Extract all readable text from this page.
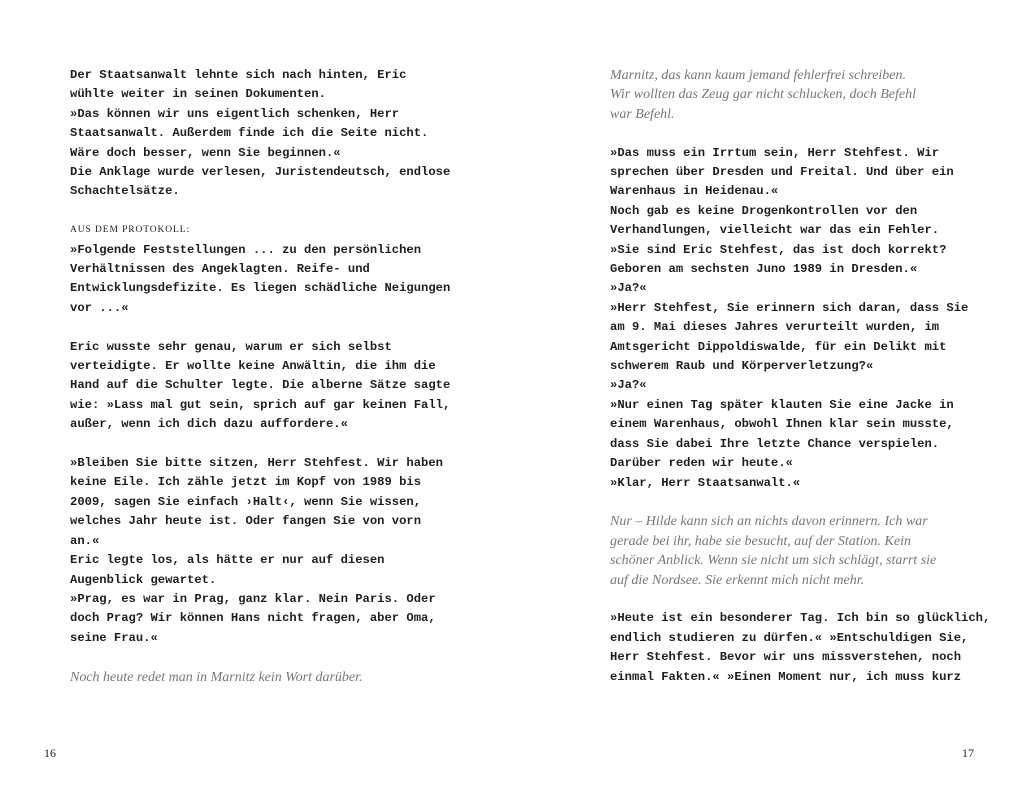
Der Staatsanwalt lehnte sich nach hinten, Eric
wühlte weiter in seinen Dokumenten.
»Das können wir uns eigentlich schenken, Herr
Staatsanwalt. Außerdem finde ich die Seite nicht.
Wäre doch besser, wenn Sie beginnen.«
Die Anklage wurde verlesen, Juristendeutsch, endlose
Schachtelsätze.
AUS DEM PROTOKOLL:
»Folgende Feststellungen ... zu den persönlichen
Verhältnissen des Angeklagten. Reife- und
Entwicklungsdefizite. Es liegen schädliche Neigungen
vor ...«
Eric wusste sehr genau, warum er sich selbst
verteidigte. Er wollte keine Anwältin, die ihm die
Hand auf die Schulter legte. Die alberne Sätze sagte
wie: »Lass mal gut sein, sprich auf gar keinen Fall,
außer, wenn ich dich dazu auffordere.«
»Bleiben Sie bitte sitzen, Herr Stehfest. Wir haben
keine Eile. Ich zähle jetzt im Kopf von 1989 bis
2009, sagen Sie einfach ›Halt‹, wenn Sie wissen,
welches Jahr heute ist. Oder fangen Sie von vorn
an.«
Eric legte los, als hätte er nur auf diesen
Augenblick gewartet.
»Prag, es war in Prag, ganz klar. Nein Paris. Oder
doch Prag? Wir können Hans nicht fragen, aber Oma,
seine Frau.«
Noch heute redet man in Marnitz kein Wort darüber.
16
Marnitz, das kann kaum jemand fehlerfrei schreiben.
Wir wollten das Zeug gar nicht schlucken, doch Befehl
war Befehl.
»Das muss ein Irrtum sein, Herr Stehfest. Wir
sprechen über Dresden und Freital. Und über ein
Warenhaus in Heidenau.«
Noch gab es keine Drogenkontrollen vor den
Verhandlungen, vielleicht war das ein Fehler.
»Sie sind Eric Stehfest, das ist doch korrekt?
Geboren am sechsten Juno 1989 in Dresden.«
»Ja?«
»Herr Stehfest, Sie erinnern sich daran, dass Sie
am 9. Mai dieses Jahres verurteilt wurden, im
Amtsgericht Dippoldiswalde, für ein Delikt mit
schwerem Raub und Körperverletzung?«
»Ja?«
»Nur einen Tag später klauten Sie eine Jacke in
einem Warenhaus, obwohl Ihnen klar sein musste,
dass Sie dabei Ihre letzte Chance verspielen.
Darüber reden wir heute.«
»Klar, Herr Staatsanwalt.«
Nur – Hilde kann sich an nichts davon erinnern. Ich war
gerade bei ihr, habe sie besucht, auf der Station. Kein
schöner Anblick. Wenn sie nicht um sich schlägt, starrt sie
auf die Nordsee. Sie erkennt mich nicht mehr.
»Heute ist ein besonderer Tag. Ich bin so glücklich,
endlich studieren zu dürfen.« »Entschuldigen Sie,
Herr Stehfest. Bevor wir uns missverstehen, noch
einmal Fakten.« »Einen Moment nur, ich muss kurz
17
